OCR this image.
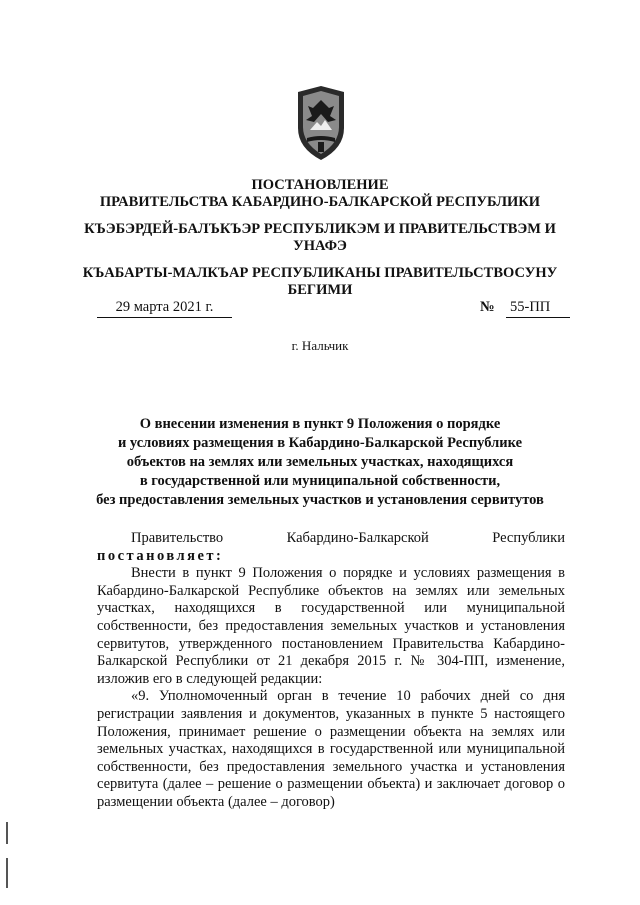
ПОСТАНОВЛЕНИЕ
ПРАВИТЕЛЬСТВА КАБАРДИНО-БАЛКАРСКОЙ РЕСПУБЛИКИ
КЪЭБЭРДЕЙ-БАЛЪКЪЭР РЕСПУБЛИКЭМ И ПРАВИТЕЛЬСТВЭМ И
УНАФЭ
КЪАБАРТЫ-МАЛКЪАР РЕСПУБЛИКАНЫ ПРАВИТЕЛЬСТВОСУНУ
БЕГИМИ
29 марта 2021 г.	№ 55-ПП
г. Нальчик
О внесении изменения в пункт 9 Положения о порядке
и условиях размещения в Кабардино-Балкарской Республике
объектов на землях или земельных участках, находящихся
в государственной или муниципальной собственности,
без предоставления земельных участков и установления сервитутов
Правительство	Кабардино-Балкарской	Республики
постановляет:

Внести в пункт 9 Положения о порядке и условиях размещения в Кабардино-Балкарской Республике объектов на землях или земельных участках, находящихся в государственной или муниципальной собственности, без предоставления земельных участков и установления сервитутов, утвержденного постановлением Правительства Кабардино-Балкарской Республики от 21 декабря 2015 г. № 304-ПП, изменение, изложив его в следующей редакции:

«9. Уполномоченный орган в течение 10 рабочих дней со дня регистрации заявления и документов, указанных в пункте 5 настоящего Положения, принимает решение о размещении объекта на землях или земельных участках, находящихся в государственной или муниципальной собственности, без предоставления земельного участка и установления сервитута (далее – решение о размещении объекта) и заключает договор о размещении объекта (далее – договор)
